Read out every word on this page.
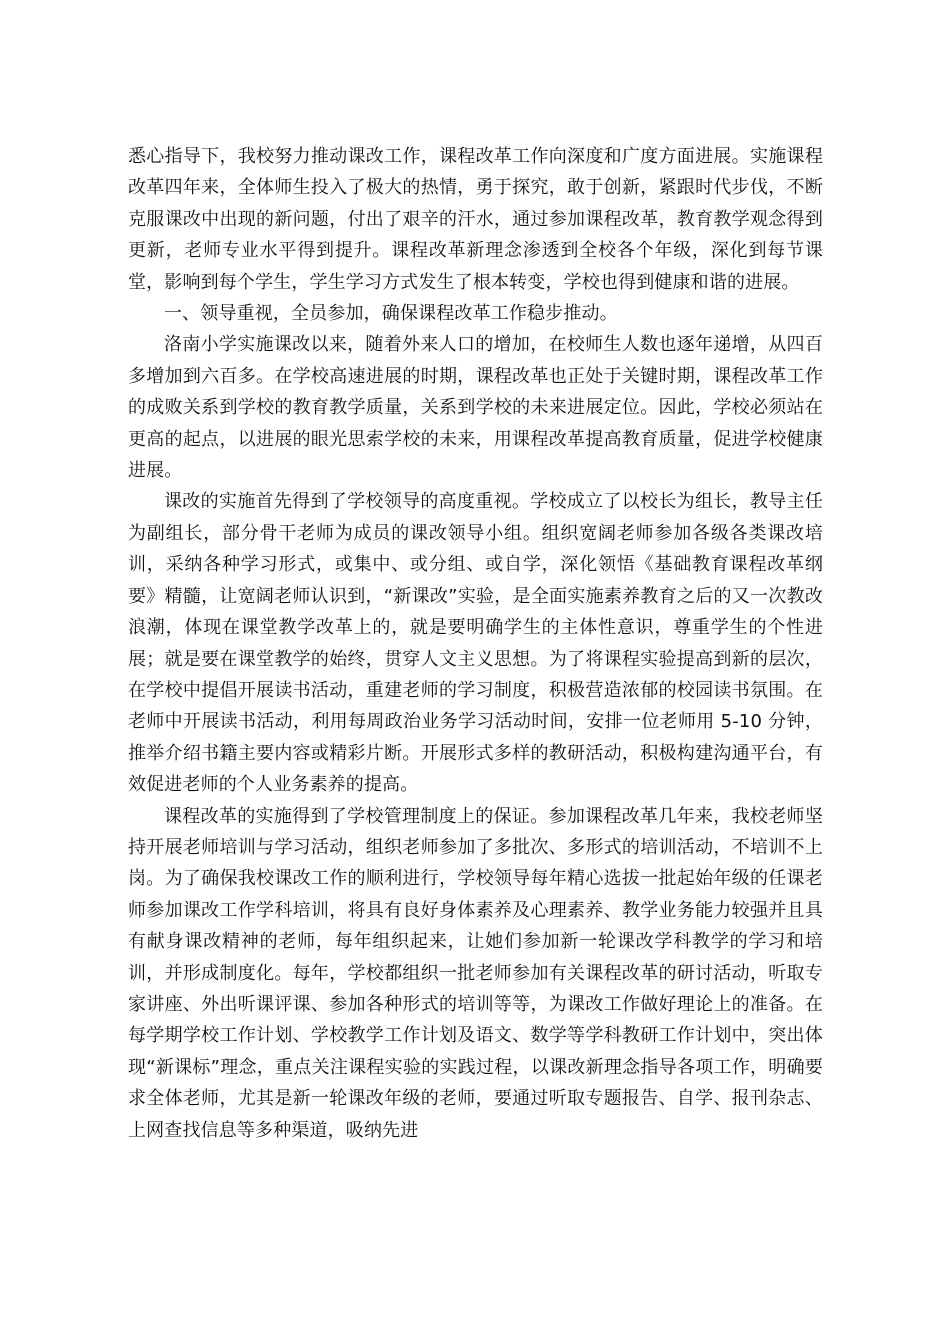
悉心指导下，我校努力推动课改工作，课程改革工作向深度和广度方面进展。实施课程改革四年来，全体师生投入了极大的热情，勇于探究，敢于创新，紧跟时代步伐，不断克服课改中出现的新问题，付出了艰辛的汗水，通过参加课程改革，教育教学观念得到更新，老师专业水平得到提升。课程改革新理念渗透到全校各个年级，深化到每节课堂，影响到每个学生，学生学习方式发生了根本转变，学校也得到健康和谐的进展。

一、领导重视，全员参加，确保课程改革工作稳步推动。

洛南小学实施课改以来，随着外来人口的增加，在校师生人数也逐年递增，从四百多增加到六百多。在学校高速进展的时期，课程改革也正处于关键时期，课程改革工作的成败关系到学校的教育教学质量，关系到学校的未来进展定位。因此，学校必须站在更高的起点，以进展的眼光思索学校的未来，用课程改革提高教育质量，促进学校健康进展。

课改的实施首先得到了学校领导的高度重视。学校成立了以校长为组长，教导主任为副组长，部分骨干老师为成员的课改领导小组。组织宽阔老师参加各级各类课改培训，采纳各种学习形式，或集中、或分组、或自学，深化领悟《基础教育课程改革纲要》精髓，让宽阔老师认识到，“新课改”实验，是全面实施素养教育之后的又一次教改浪潮，体现在课堂教学改革上的，就是要明确学生的主体性意识，尊重学生的个性进展；就是要在课堂教学的始终，贯穿人文主义思想。为了将课程实验提高到新的层次，在学校中提倡开展读书活动，重建老师的学习制度，积极营造浓郁的校园读书氛围。在老师中开展读书活动，利用每周政治业务学习活动时间，安排一位老师用 5-10 分钟，推举介绍书籍主要内容或精彩片断。开展形式多样的教研活动，积极构建沟通平台，有效促进老师的个人业务素养的提高。

课程改革的实施得到了学校管理制度上的保证。参加课程改革几年来，我校老师坚持开展老师培训与学习活动，组织老师参加了多批次、多形式的培训活动，不培训不上岗。为了确保我校课改工作的顺利进行，学校领导每年精心选拔一批起始年级的任课老师参加课改工作学科培训，将具有良好身体素养及心理素养、教学业务能力较强并且具有献身课改精神的老师，每年组织起来，让她们参加新一轮课改学科教学的学习和培训，并形成制度化。每年，学校都组织一批老师参加有关课程改革的研讨活动，听取专家讲座、外出听课评课、参加各种形式的培训等等，为课改工作做好理论上的准备。在每学期学校工作计划、学校教学工作计划及语文、数学等学科教研工作计划中，突出体现“新课标”理念，重点关注课程实验的实践过程，以课改新理念指导各项工作，明确要求全体老师，尤其是新一轮课改年级的老师，要通过听取专题报告、自学、报刊杂志、上网查找信息等多种渠道，吸纳先进
